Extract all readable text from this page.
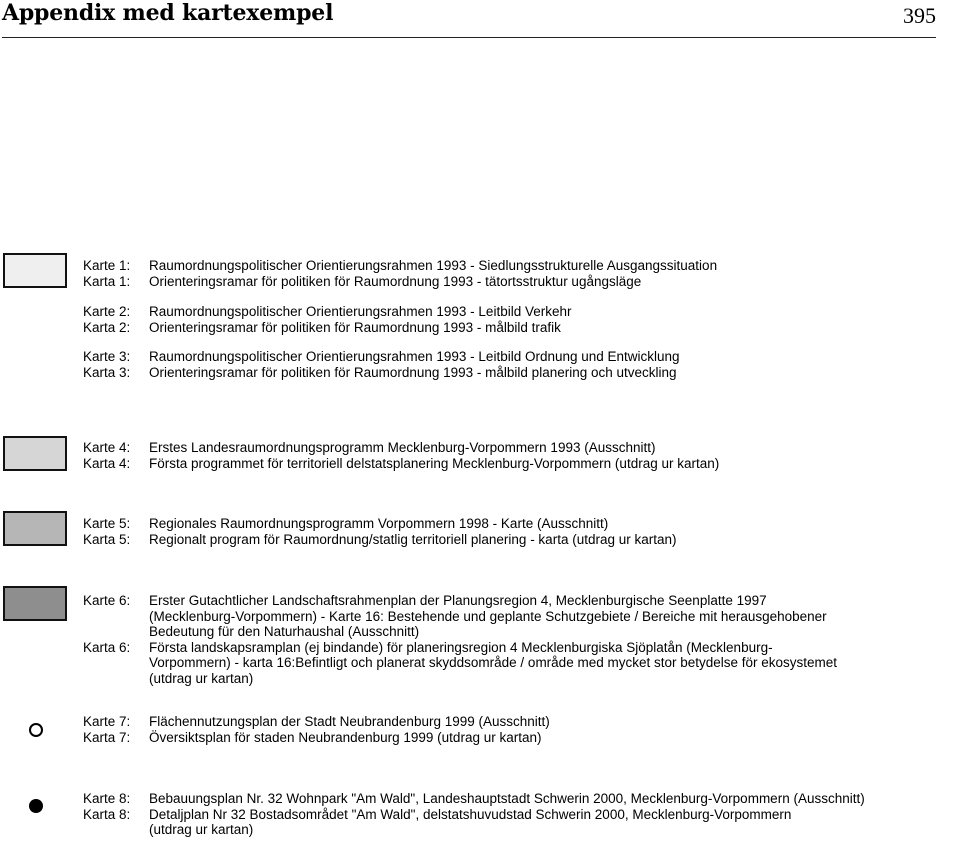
Appendix med kartexempel	395
Karte 1:	Raumordnungspolitischer Orientierungsrahmen 1993 - Siedlungsstrukturelle Ausgangssituation
Karta 1:	Orienteringsramar för politiken för Raumordnung 1993 - tätortsstruktur ugångsläge
Karte 2:	Raumordnungspolitischer Orientierungsrahmen 1993 - Leitbild Verkehr
Karta 2:	Orienteringsramar för politiken för Raumordnung 1993 - målbild trafik
Karte 3:	Raumordnungspolitischer Orientierungsrahmen 1993 - Leitbild Ordnung und Entwicklung
Karta 3:	Orienteringsramar för politiken för Raumordnung 1993 - målbild planering och utveckling
Karte 4:	Erstes Landesraumordnungsprogramm Mecklenburg-Vorpommern 1993 (Ausschnitt)
Karta 4:	Första programmet för territoriell delstatsplanering Mecklenburg-Vorpommern (utdrag ur kartan)
Karte 5:	Regionales Raumordnungsprogramm Vorpommern 1998 - Karte (Ausschnitt)
Karta 5:	Regionalt program för Raumordnung/statlig territoriell planering - karta (utdrag ur kartan)
Karte 6:	Erster Gutachtlicher Landschaftsrahmenplan der Planungsregion 4, Mecklenburgische Seenplatte 1997
(Mecklenburg-Vorpommern) - Karte 16: Bestehende und geplante Schutzgebiete / Bereiche mit herausgehobener
Bedeutung für den Naturhaushal (Ausschnitt)
Karta 6:	Första landskapsramplan (ej bindande) för planeringsregion 4 Mecklenburgiska Sjöplatån (Mecklenburg-
Vorpommern) - karta 16:Befintligt och planerat skyddsområde / område med mycket stor betydelse för ekosystemet
(utdrag ur kartan)
Karte 7:	Flächennutzungsplan der Stadt Neubrandenburg 1999 (Ausschnitt)
Karta 7:	Översiktsplan för staden Neubrandenburg 1999 (utdrag ur kartan)
Karte 8:	Bebauungsplan Nr. 32 Wohnpark "Am Wald", Landeshauptstadt Schwerin 2000, Mecklenburg-Vorpommern (Ausschnitt)
Karta 8:	Detaljplan Nr 32 Bostadsområdet "Am Wald", delstatshuvudstad Schwerin 2000, Mecklenburg-Vorpommern
(utdrag ur kartan)
